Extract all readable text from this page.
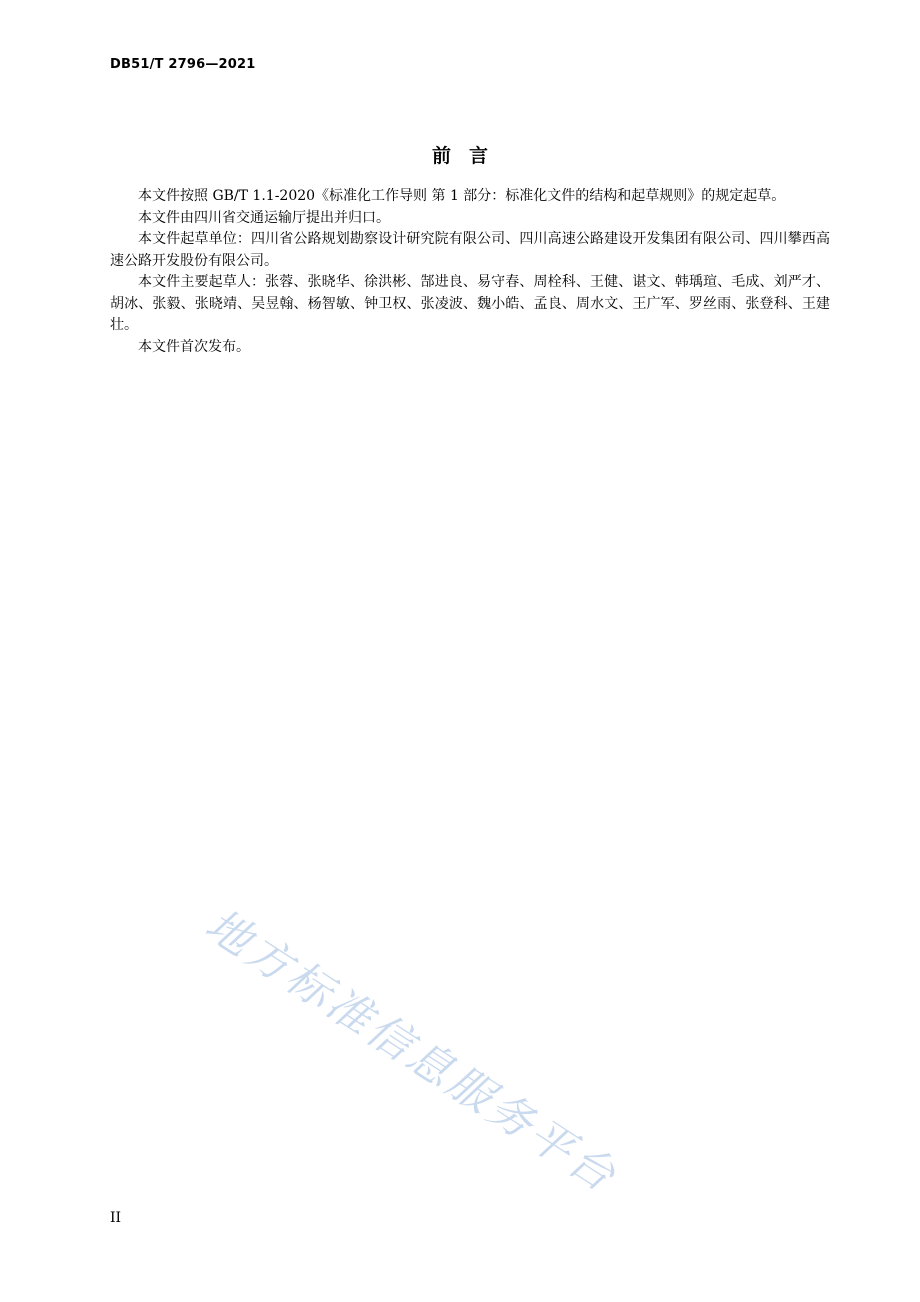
DB51/T 2796—2021
前言

本文件按照 GB/T 1.1-2020《标准化工作导则 第 1 部分：标准化文件的结构和起草规则》的规定起草。

本文件由四川省交通运输厅提出并归口。

本文件起草单位：四川省公路规划勘察设计研究院有限公司、四川高速公路建设开发集团有限公司、四川攀西高速公路开发股份有限公司。

本文件主要起草人：张蓉、张晓华、徐洪彬、郜进良、易守春、周栓科、王健、谌文、韩瑀瑄、毛成、刘严才、胡冰、张毅、张晓靖、吴昱翰、杨智敏、钟卫权、张凌波、魏小皓、孟良、周水文、王广军、罗丝雨、张登科、王建壮。

本文件首次发布。

地方标准信息服务平台
II
